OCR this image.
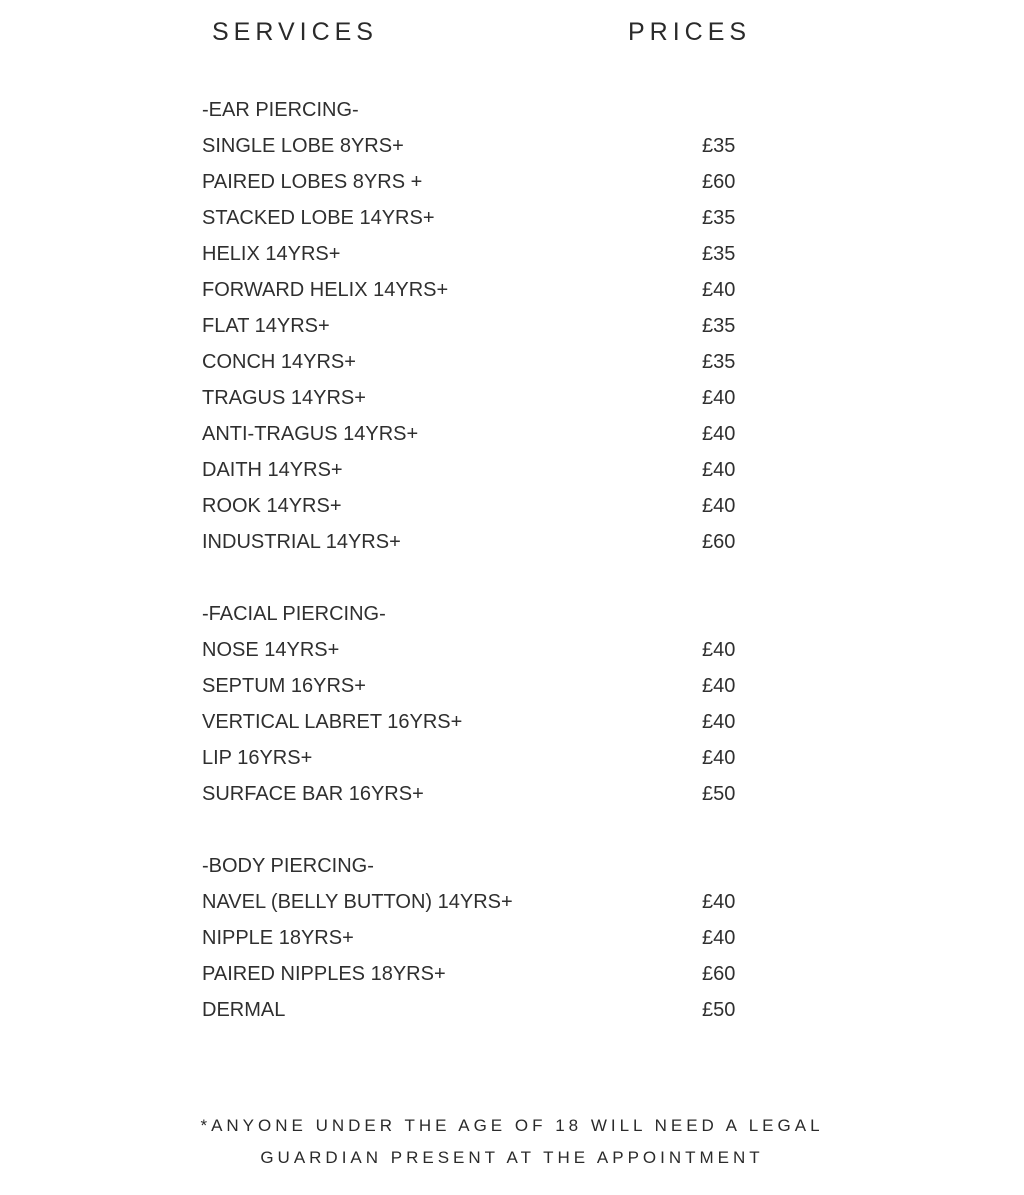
SERVICES	PRICES
-EAR PIERCING-
SINGLE LOBE 8YRS+	£35
PAIRED LOBES 8YRS +	£60
STACKED LOBE 14YRS+	£35
HELIX 14YRS+	£35
FORWARD HELIX 14YRS+	£40
FLAT 14YRS+	£35
CONCH 14YRS+	£35
TRAGUS 14YRS+	£40
ANTI-TRAGUS 14YRS+	£40
DAITH 14YRS+	£40
ROOK 14YRS+	£40
INDUSTRIAL 14YRS+	£60
-FACIAL PIERCING-
NOSE 14YRS+	£40
SEPTUM 16YRS+	£40
VERTICAL LABRET 16YRS+	£40
LIP 16YRS+	£40
SURFACE BAR 16YRS+	£50
-BODY PIERCING-
NAVEL (BELLY BUTTON) 14YRS+	£40
NIPPLE 18YRS+	£40
PAIRED NIPPLES 18YRS+	£60
DERMAL	£50
*ANYONE UNDER THE AGE OF 18 WILL NEED A LEGAL
GUARDIAN PRESENT AT THE APPOINTMENT
